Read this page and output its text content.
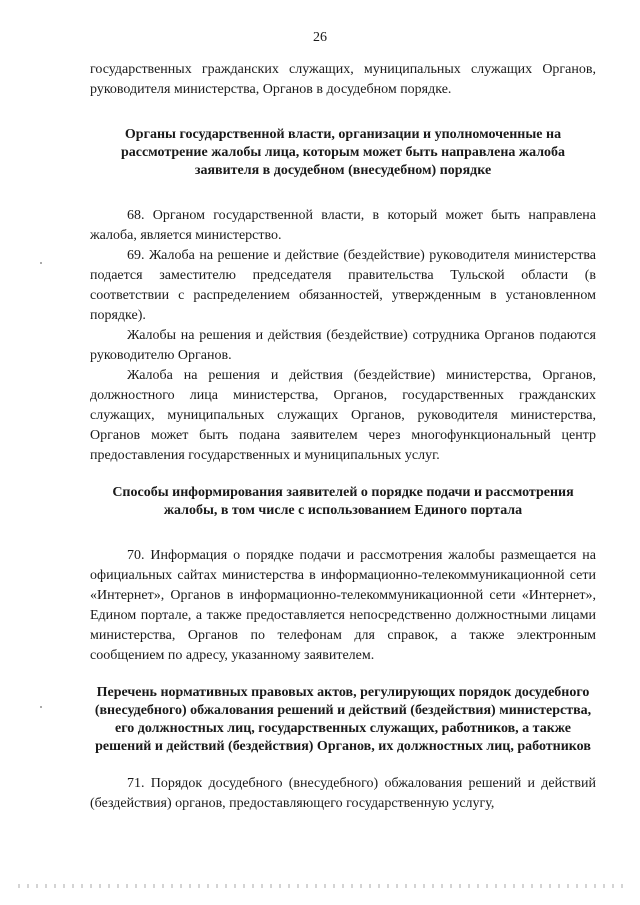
26

государственных гражданских служащих, муниципальных служащих Органов, руководителя министерства, Органов в досудебном порядке.

Органы государственной власти, организации и уполномоченные на рассмотрение жалобы лица, которым может быть направлена жалоба заявителя в досудебном (внесудебном) порядке

68. Органом государственной власти, в который может быть направлена жалоба, является министерство.

69. Жалоба на решение и действие (бездействие) руководителя министерства подается заместителю председателя правительства Тульской области (в соответствии с распределением обязанностей, утвержденным в установленном порядке).

Жалобы на решения и действия (бездействие) сотрудника Органов подаются руководителю Органов.

Жалоба на решения и действия (бездействие) министерства, Органов, должностного лица министерства, Органов, государственных гражданских служащих, муниципальных служащих Органов, руководителя министерства, Органов может быть подана заявителем через многофункциональный центр предоставления государственных и муниципальных услуг.

Способы информирования заявителей о порядке подачи и рассмотрения жалобы, в том числе с использованием Единого портала

70. Информация о порядке подачи и рассмотрения жалобы размещается на официальных сайтах министерства в информационно-телекоммуникационной сети «Интернет», Органов в информационно-телекоммуникационной сети «Интернет», Едином портале, а также предоставляется непосредственно должностными лицами министерства, Органов по телефонам для справок, а также электронным сообщением по адресу, указанному заявителем.

Перечень нормативных правовых актов, регулирующих порядок досудебного (внесудебного) обжалования решений и действий (бездействия) министерства, его должностных лиц, государственных служащих, работников, а также решений и действий (бездействия) Органов, их должностных лиц, работников

71. Порядок досудебного (внесудебного) обжалования решений и действий (бездействия) органов, предоставляющего государственную услугу,
